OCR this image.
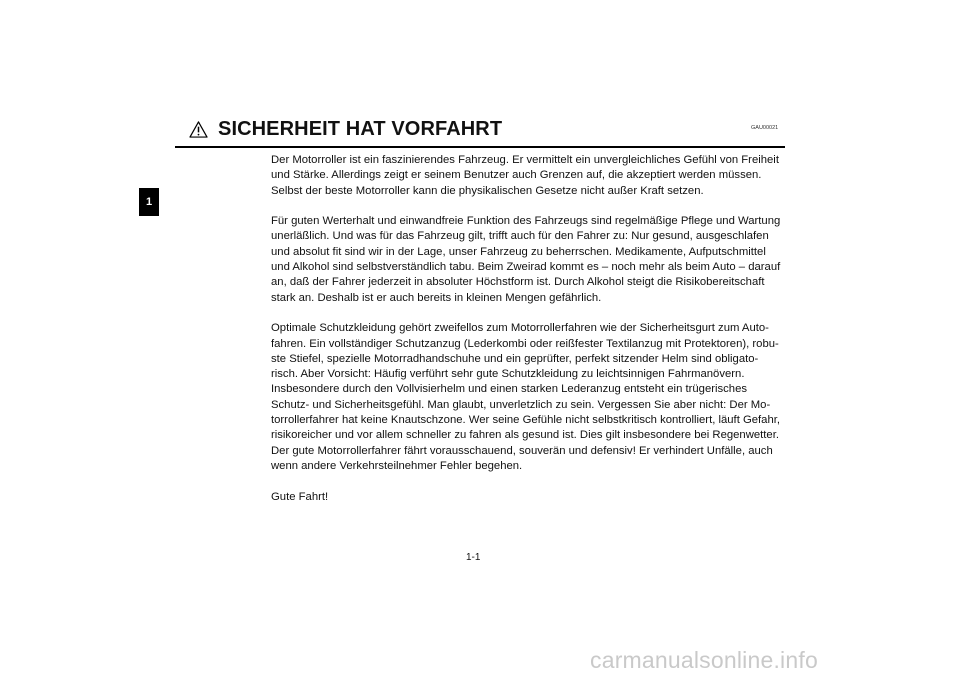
1
SICHERHEIT HAT VORFAHRT	GAU00021

Der Motorroller ist ein faszinierendes Fahrzeug. Er vermittelt ein unvergleichliches Gefühl von Freiheit
und Stärke. Allerdings zeigt er seinem Benutzer auch Grenzen auf, die akzeptiert werden müssen.
Selbst der beste Motorroller kann die physikalischen Gesetze nicht außer Kraft setzen.

Für guten Werterhalt und einwandfreie Funktion des Fahrzeugs sind regelmäßige Pflege und Wartung
unerläßlich. Und was für das Fahrzeug gilt, trifft auch für den Fahrer zu: Nur gesund, ausgeschlafen
und absolut fit sind wir in der Lage, unser Fahrzeug zu beherrschen. Medikamente, Aufputschmittel
und Alkohol sind selbstverständlich tabu. Beim Zweirad kommt es – noch mehr als beim Auto – darauf
an, daß der Fahrer jederzeit in absoluter Höchstform ist. Durch Alkohol steigt die Risikobereitschaft
stark an. Deshalb ist er auch bereits in kleinen Mengen gefährlich.

Optimale Schutzkleidung gehört zweifellos zum Motorrollerfahren wie der Sicherheitsgurt zum Auto-
fahren. Ein vollständiger Schutzanzug (Lederkombi oder reißfester Textilanzug mit Protektoren), robu-
ste Stiefel, spezielle Motorradhandschuhe und ein geprüfter, perfekt sitzender Helm sind obligato-
risch. Aber Vorsicht: Häufig verführt sehr gute Schutzkleidung zu leichtsinnigen Fahrmanövern.
Insbesondere durch den Vollvisierhelm und einen starken Lederanzug entsteht ein trügerisches
Schutz- und Sicherheitsgefühl. Man glaubt, unverletzlich zu sein. Vergessen Sie aber nicht: Der Mo-
torrollerfahrer hat keine Knautschzone. Wer seine Gefühle nicht selbstkritisch kontrolliert, läuft Gefahr,
risikoreicher und vor allem schneller zu fahren als gesund ist. Dies gilt insbesondere bei Regenwetter.
Der gute Motorrollerfahrer fährt vorausschauend, souverän und defensiv! Er verhindert Unfälle, auch
wenn andere Verkehrsteilnehmer Fehler begehen.

Gute Fahrt!

1-1
carmanualsonline.info
